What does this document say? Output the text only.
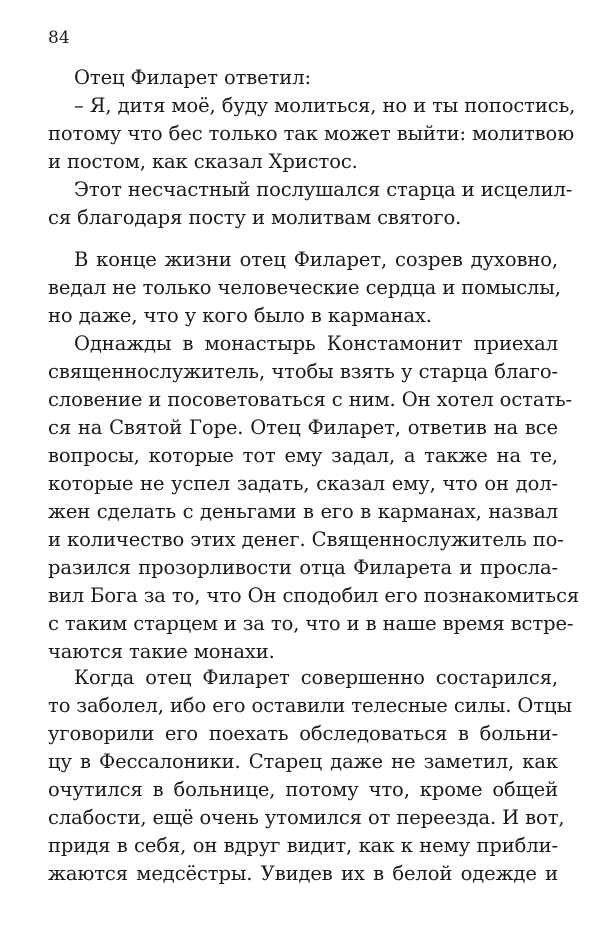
84
Отец Филарет ответил:
– Я, дитя моё, буду молиться, но и ты попостись,
потому что бес только так может выйти: молитвою
и постом, как сказал Христос.
Этот несчастный послушался старца и исцелил-
ся благодаря посту и молитвам святого.
В конце жизни отец Филарет, созрев духовно,
ведал не только человеческие сердца и помыслы,
но даже, что у кого было в карманах.
Однажды в монастырь Констамонит приехал
священнослужитель, чтобы взять у старца благо-
словение и посоветоваться с ним. Он хотел остать-
ся на Святой Горе. Отец Филарет, ответив на все
вопросы, которые тот ему задал, а также на те,
которые не успел задать, сказал ему, что он дол-
жен сделать с деньгами в его в карманах, назвал
и количество этих денег. Священнослужитель по-
разился прозорливости отца Филарета и просла-
вил Бога за то, что Он сподобил его познакомиться
с таким старцем и за то, что и в наше время встре-
чаются такие монахи.
Когда отец Филарет совершенно состарился,
то заболел, ибо его оставили телесные силы. Отцы
уговорили его поехать обследоваться в больни-
цу в Фессалоники. Старец даже не заметил, как
очутился в больнице, потому что, кроме общей
слабости, ещё очень утомился от переезда. И вот,
придя в себя, он вдруг видит, как к нему прибли-
жаются медсёстры. Увидев их в белой одежде и
